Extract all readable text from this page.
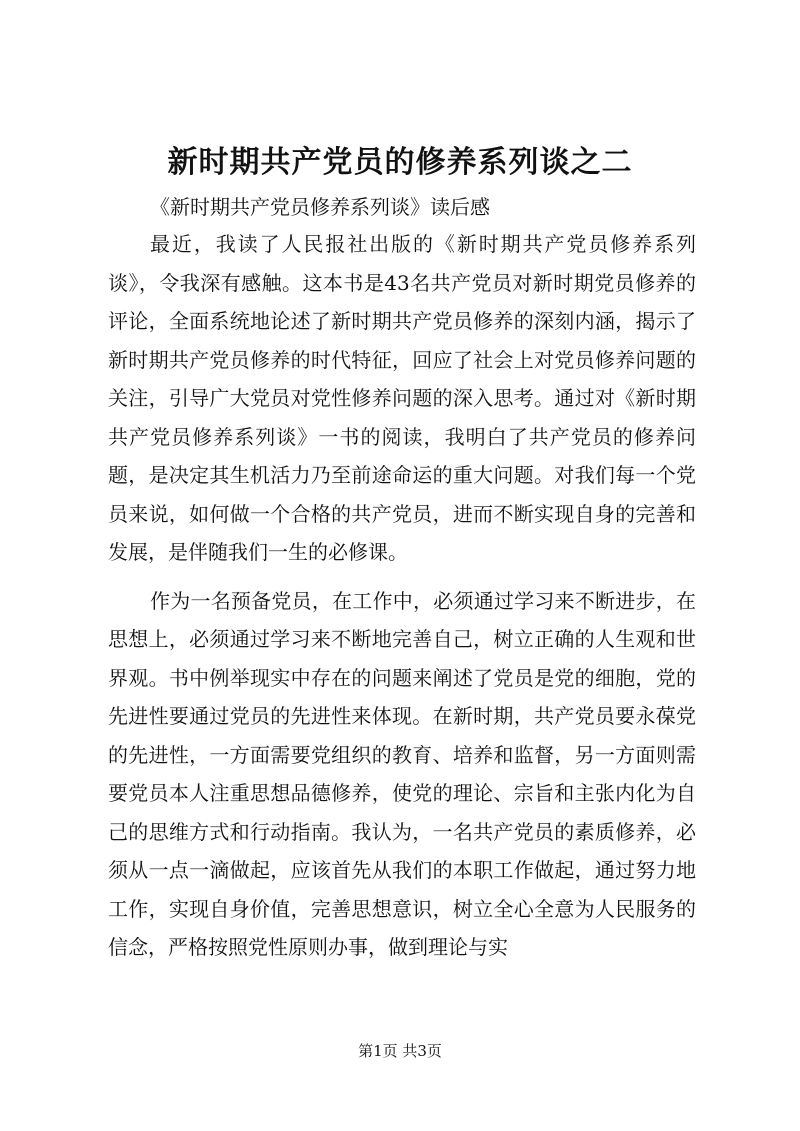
新时期共产党员的修养系列谈之二
《新时期共产党员修养系列谈》读后感

最近，我读了人民报社出版的《新时期共产党员修养系列谈》，令我深有感触。这本书是43名共产党员对新时期党员修养的评论，全面系统地论述了新时期共产党员修养的深刻内涵，揭示了新时期共产党员修养的时代特征，回应了社会上对党员修养问题的关注，引导广大党员对党性修养问题的深入思考。通过对《新时期共产党员修养系列谈》一书的阅读，我明白了共产党员的修养问题，是决定其生机活力乃至前途命运的重大问题。对我们每一个党员来说，如何做一个合格的共产党员，进而不断实现自身的完善和发展，是伴随我们一生的必修课。

作为一名预备党员，在工作中，必须通过学习来不断进步，在思想上，必须通过学习来不断地完善自己，树立正确的人生观和世界观。书中例举现实中存在的问题来阐述了党员是党的细胞，党的先进性要通过党员的先进性来体现。在新时期，共产党员要永葆党的先进性，一方面需要党组织的教育、培养和监督，另一方面则需要党员本人注重思想品德修养，使党的理论、宗旨和主张内化为自己的思维方式和行动指南。我认为，一名共产党员的素质修养，必须从一点一滴做起，应该首先从我们的本职工作做起，通过努力地工作，实现自身价值，完善思想意识，树立全心全意为人民服务的信念，严格按照党性原则办事，做到理论与实

第1页 共3页
